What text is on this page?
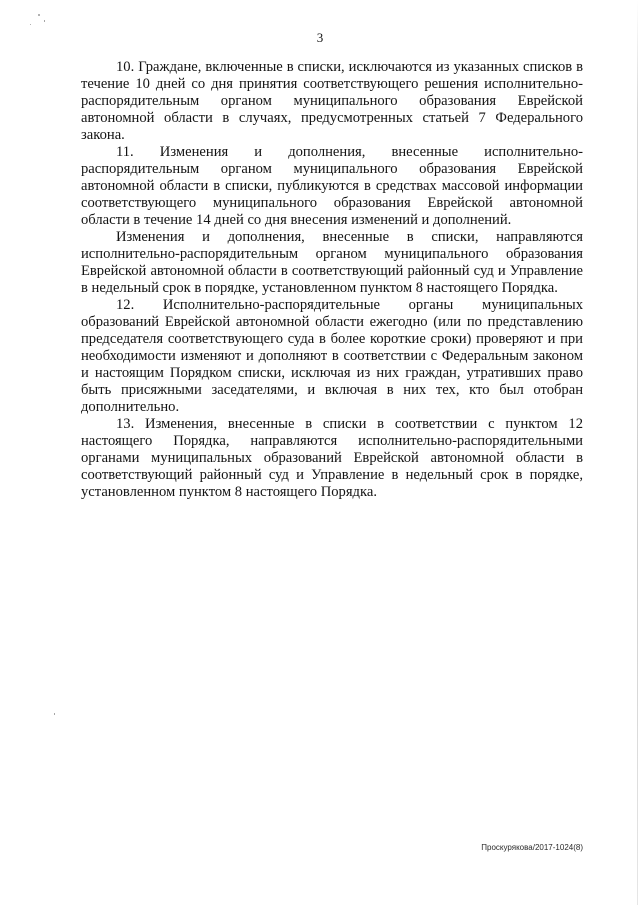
3

10. Граждане, включенные в списки, исключаются из указанных списков в течение 10 дней со дня принятия соответствующего решения исполнительно-распорядительным органом муниципального образования Еврейской автономной области в случаях, предусмотренных статьей 7 Федерального закона.

11. Изменения и дополнения, внесенные исполнительно-распорядительным органом муниципального образования Еврейской автономной области в списки, публикуются в средствах массовой информации соответствующего муниципального образования Еврейской автономной области в течение 14 дней со дня внесения изменений и дополнений.

Изменения и дополнения, внесенные в списки, направляются исполнительно-распорядительным органом муниципального образования Еврейской автономной области в соответствующий районный суд и Управление в недельный срок в порядке, установленном пунктом 8 настоящего Порядка.

12. Исполнительно-распорядительные органы муниципальных образований Еврейской автономной области ежегодно (или по представлению председателя соответствующего суда в более короткие сроки) проверяют и при необходимости изменяют и дополняют в соответствии с Федеральным законом и настоящим Порядком списки, исключая из них граждан, утративших право быть присяжными заседателями, и включая в них тех, кто был отобран дополнительно.

13. Изменения, внесенные в списки в соответствии с пунктом 12 настоящего Порядка, направляются исполнительно-распорядительными органами муниципальных образований Еврейской автономной области в соответствующий районный суд и Управление в недельный срок в порядке, установленном пунктом 8 настоящего Порядка.

Проскурякова/2017-1024(8)
